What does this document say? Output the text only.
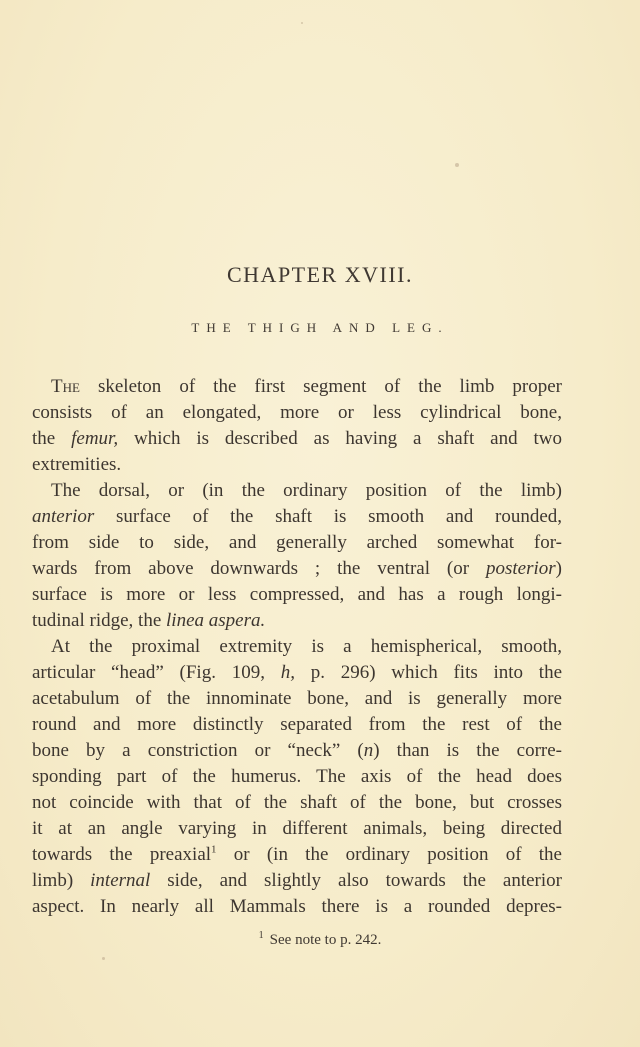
CHAPTER XVIII.
THE THIGH AND LEG.
The skeleton of the first segment of the limb proper
consists of an elongated, more or less cylindrical bone,
the femur, which is described as having a shaft and two
extremities.
The dorsal, or (in the ordinary position of the limb)
anterior surface of the shaft is smooth and rounded,
from side to side, and generally arched somewhat for-
wards from above downwards ; the ventral (or posterior)
surface is more or less compressed, and has a rough longi-
tudinal ridge, the linea aspera.
At the proximal extremity is a hemispherical, smooth,
articular “head” (Fig. 109, h, p. 296) which fits into the
acetabulum of the innominate bone, and is generally more
round and more distinctly separated from the rest of the
bone by a constriction or “neck” (n) than is the corre-
sponding part of the humerus. The axis of the head does
not coincide with that of the shaft of the bone, but crosses
it at an angle varying in different animals, being directed
towards the preaxial$^1$ or (in the ordinary position of the
limb) internal side, and slightly also towards the anterior
aspect. In nearly all Mammals there is a rounded depres-
$^1$ See note to p. 242.
